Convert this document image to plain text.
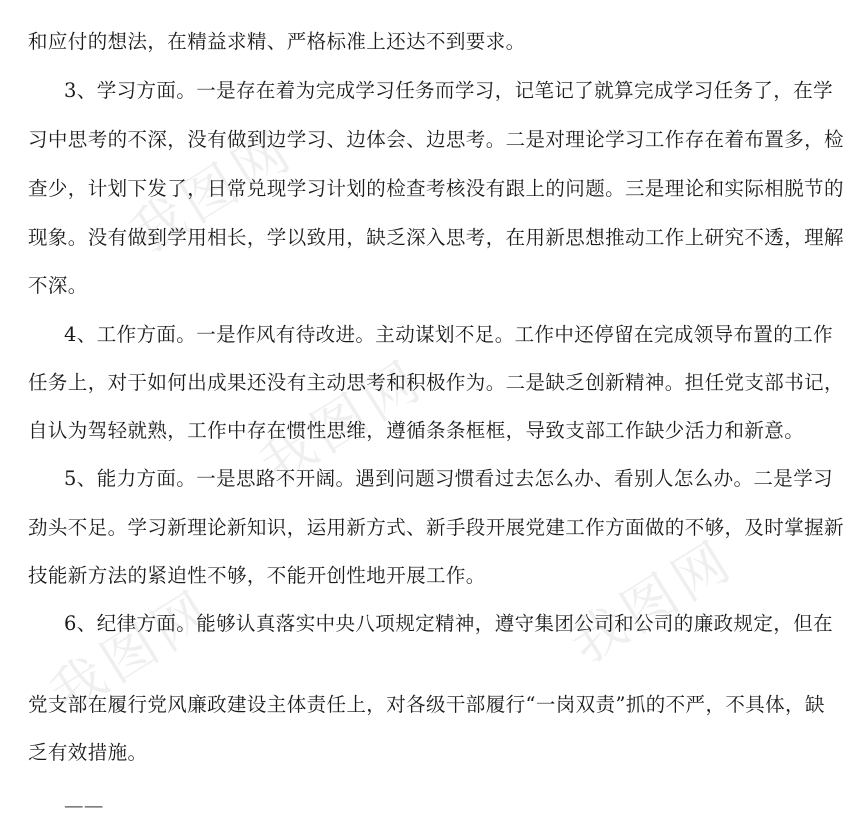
我图网
我图网
我图网
我图网
和应付的想法，在精益求精、严格标准上还达不到要求。
3、学习方面。一是存在着为完成学习任务而学习，记笔记了就算完成学习任务了，在学
习中思考的不深，没有做到边学习、边体会、边思考。二是对理论学习工作存在着布置多，检
查少，计划下发了，日常兑现学习计划的检查考核没有跟上的问题。三是理论和实际相脱节的
现象。没有做到学用相长，学以致用，缺乏深入思考，在用新思想推动工作上研究不透，理解
不深。
4、工作方面。一是作风有待改进。主动谋划不足。工作中还停留在完成领导布置的工作
任务上，对于如何出成果还没有主动思考和积极作为。二是缺乏创新精神。担任党支部书记，
自认为驾轻就熟，工作中存在惯性思维，遵循条条框框，导致支部工作缺少活力和新意。
5、能力方面。一是思路不开阔。遇到问题习惯看过去怎么办、看别人怎么办。二是学习
劲头不足。学习新理论新知识，运用新方式、新手段开展党建工作方面做的不够，及时掌握新
技能新方法的紧迫性不够，不能开创性地开展工作。
6、纪律方面。能够认真落实中央八项规定精神，遵守集团公司和公司的廉政规定，但在
党支部在履行党风廉政建设主体责任上，对各级干部履行“一岗双责”抓的不严，不具体，缺
乏有效措施。
——
